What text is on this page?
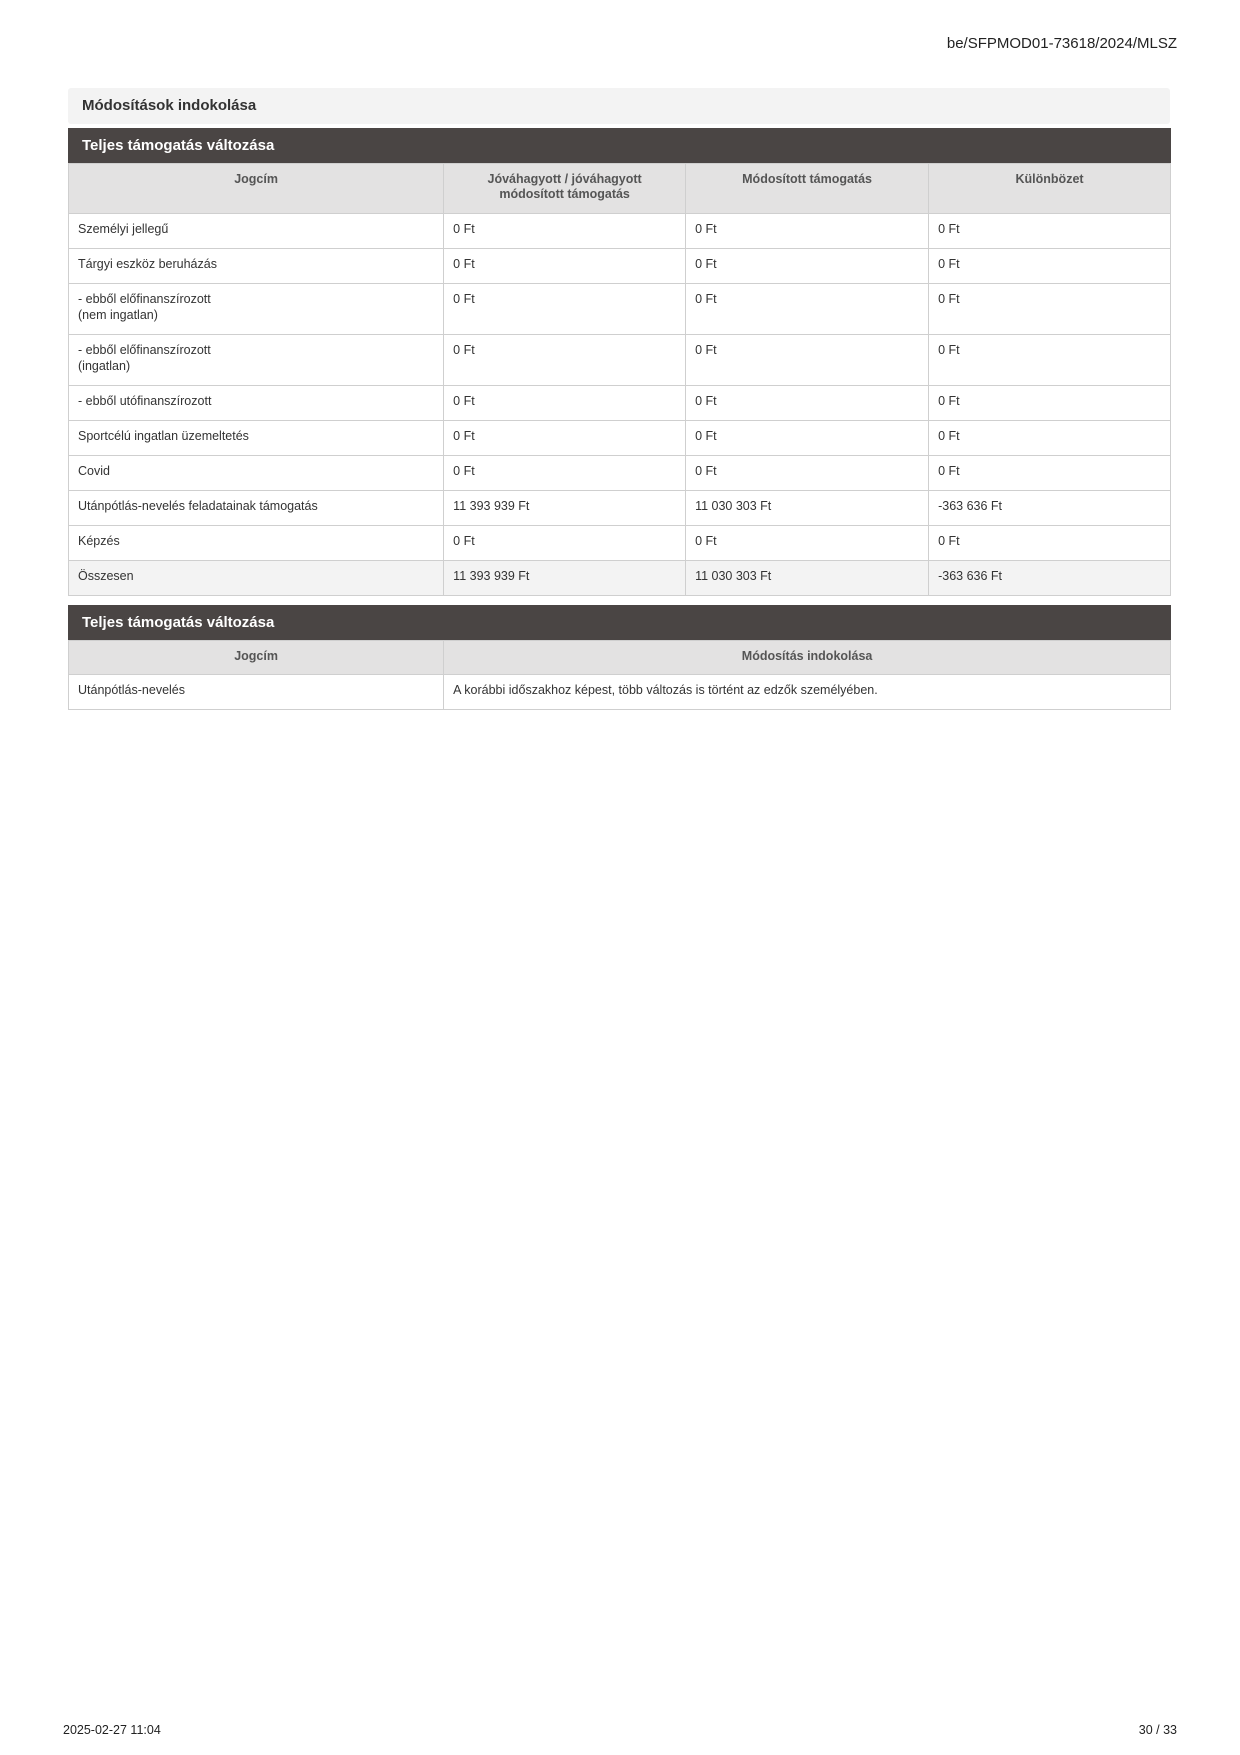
be/SFPMOD01-73618/2024/MLSZ
Módosítások indokolása
Teljes támogatás változása
Jogcím	Jóváhagyott / jóváhagyott módosított támogatás	Módosított támogatás	Különbözet
Személyi jellegű	0 Ft	0 Ft	0 Ft
Tárgyi eszköz beruházás	0 Ft	0 Ft	0 Ft
- ebből előfinanszírozott
(nem ingatlan)	0 Ft	0 Ft	0 Ft
- ebből előfinanszírozott
(ingatlan)	0 Ft	0 Ft	0 Ft
- ebből utófinanszírozott	0 Ft	0 Ft	0 Ft
Sportcélú ingatlan üzemeltetés	0 Ft	0 Ft	0 Ft
Covid	0 Ft	0 Ft	0 Ft
Utánpótlás-nevelés feladatainak támogatás	11 393 939 Ft	11 030 303 Ft	-363 636 Ft
Képzés	0 Ft	0 Ft	0 Ft
Összesen	11 393 939 Ft	11 030 303 Ft	-363 636 Ft
Teljes támogatás változása
Jogcím	Módosítás indokolása
Utánpótlás-nevelés	A korábbi időszakhoz képest, több változás is történt az edzők személyében.
2025-02-27 11:04	30 / 33
